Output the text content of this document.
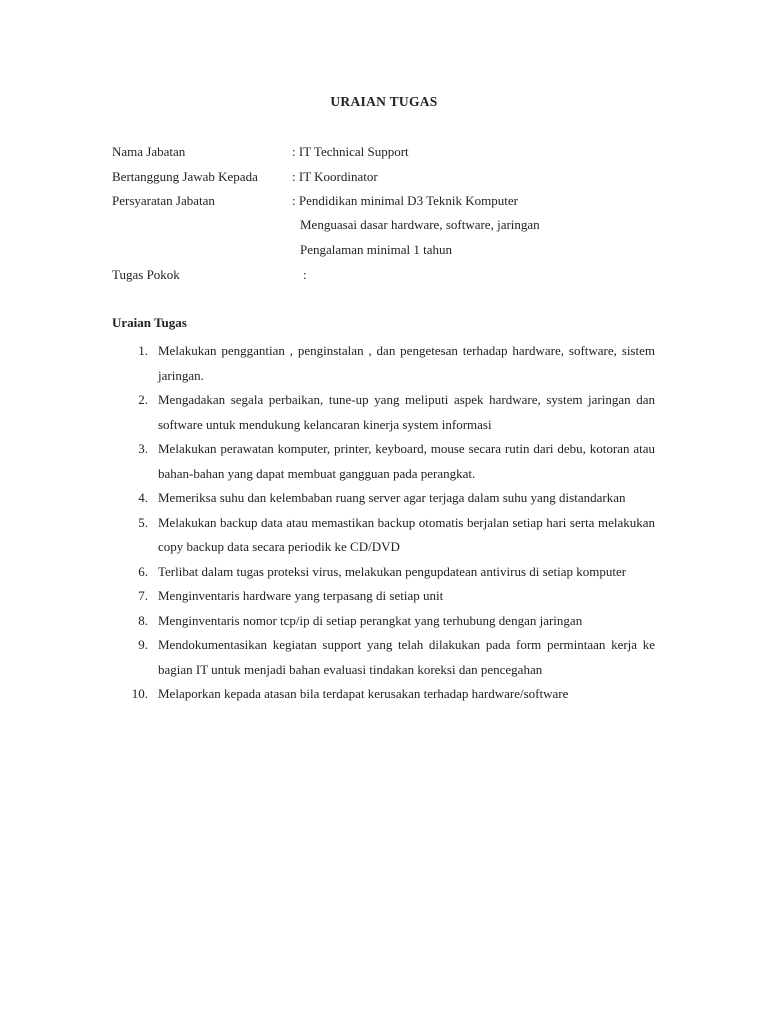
URAIAN TUGAS
Nama Jabatan	: IT Technical Support
Bertanggung Jawab Kepada	: IT Koordinator
Persyaratan Jabatan	: Pendidikan minimal D3 Teknik Komputer
Menguasai dasar hardware, software, jaringan
Pengalaman minimal 1 tahun
Tugas Pokok	:
Uraian Tugas
1. Melakukan penggantian , penginstalan , dan pengetesan terhadap hardware, software, sistem jaringan.
2. Mengadakan segala perbaikan, tune-up yang meliputi aspek hardware, system jaringan dan software untuk mendukung kelancaran kinerja system informasi
3. Melakukan perawatan komputer, printer, keyboard, mouse secara rutin dari debu, kotoran atau bahan-bahan yang dapat membuat gangguan pada perangkat.
4. Memeriksa suhu dan kelembaban ruang server agar terjaga dalam suhu yang distandarkan
5. Melakukan backup data atau memastikan backup otomatis berjalan setiap hari serta melakukan copy backup data secara periodik ke CD/DVD
6. Terlibat dalam tugas proteksi virus, melakukan pengupdatean antivirus di setiap komputer
7. Menginventaris hardware yang terpasang di setiap unit
8. Menginventaris nomor tcp/ip di setiap perangkat yang terhubung dengan jaringan
9. Mendokumentasikan kegiatan support yang telah dilakukan pada form permintaan kerja ke bagian IT untuk menjadi bahan evaluasi tindakan koreksi dan pencegahan
10. Melaporkan kepada atasan bila terdapat kerusakan terhadap hardware/software
